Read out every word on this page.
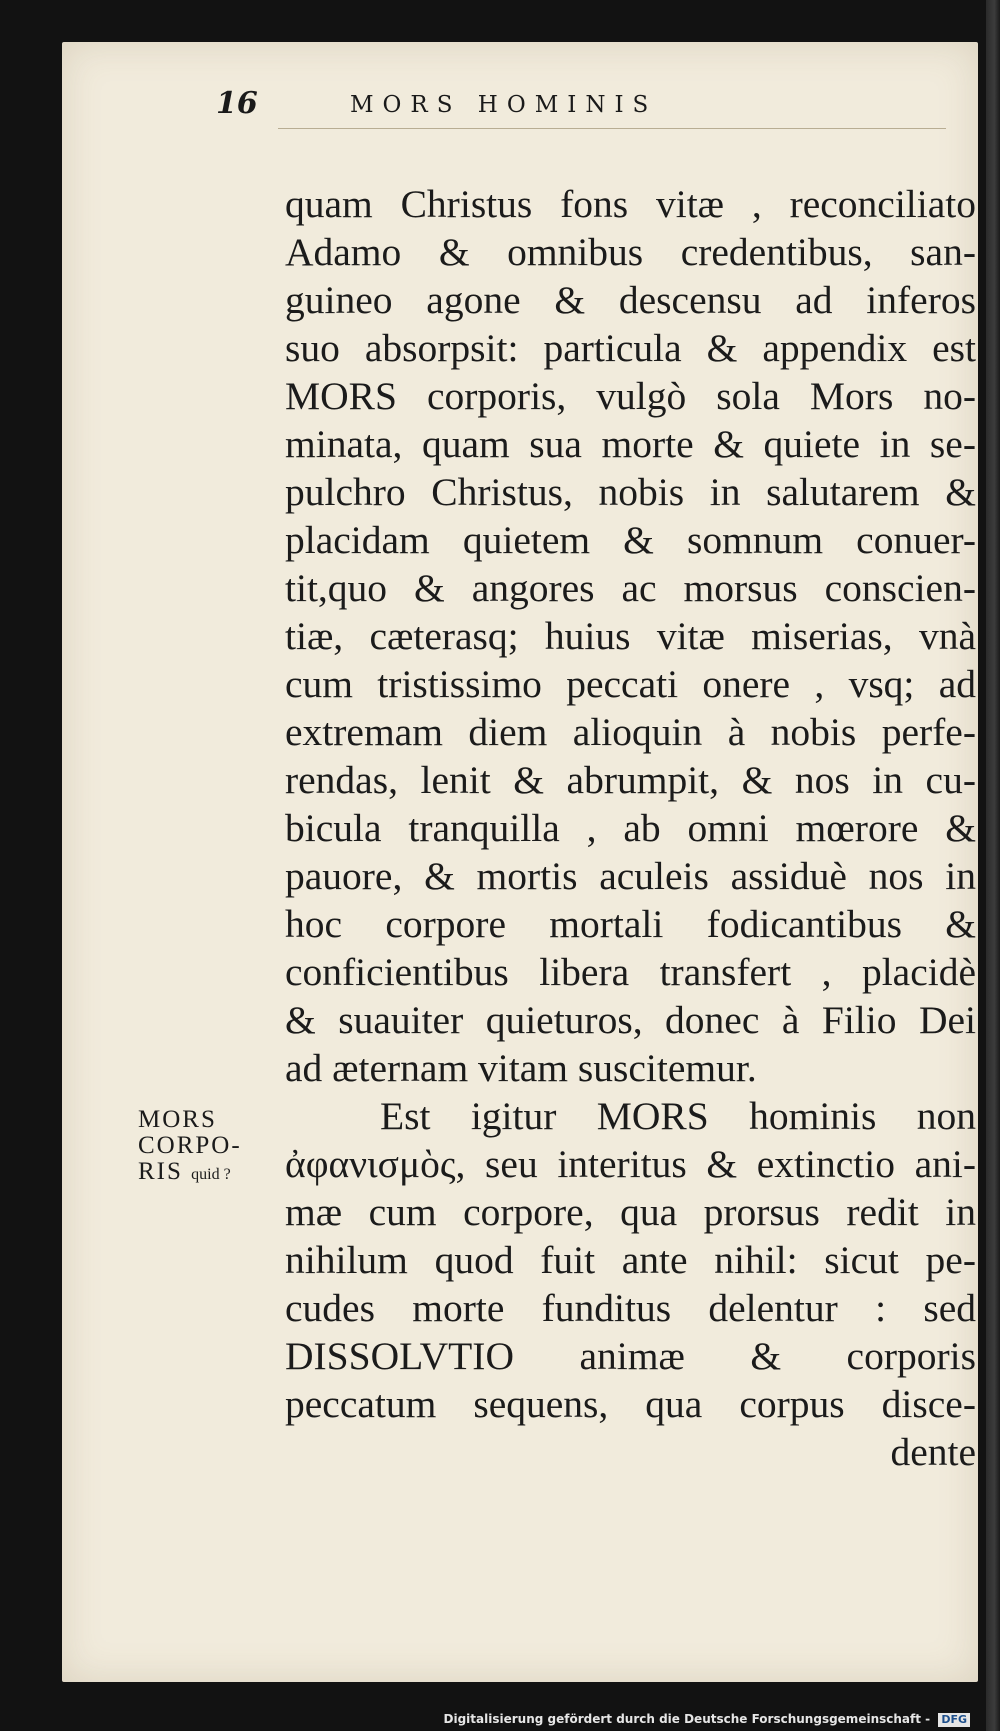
16	MORS HOMINIS
quam Christus fons vitæ , reconciliato
Adamo & omnibus credentibus, san-
guineo agone & descensu ad inferos
suo absorpsit: particula & appendix est
MORS corporis, vulgò sola Mors no-
minata, quam sua morte & quiete in se-
pulchro Christus, nobis in salutarem &
placidam quietem & somnum conuer-
tit,quo & angores ac morsus conscien-
tiæ, cæterasq; huius vitæ miserias, vnà
cum tristissimo peccati onere , vsq; ad
extremam diem alioquin à nobis perfe-
rendas, lenit & abrumpit, & nos in cu-
bicula tranquilla , ab omni mœrore &
pauore, & mortis aculeis assiduè nos in
hoc corpore mortali fodicantibus &
conficientibus libera transfert , placidè
& suauiter quieturos, donec à Filio Dei
ad æternam vitam suscitemur.
Est igitur MORS hominis non
ἀφανισμὸς, seu interitus & extinctio ani-
mæ cum corpore, qua prorsus redit in
nihilum quod fuit ante nihil: sicut pe-
cudes morte funditus delentur : sed
DISSOLVTIO animæ & corporis
peccatum sequens, qua corpus disce-
dente
MORS
CORPO-
RIS quid ?
Digitalisierung gefördert durch die Deutsche Forschungsgemeinschaft - DFG
